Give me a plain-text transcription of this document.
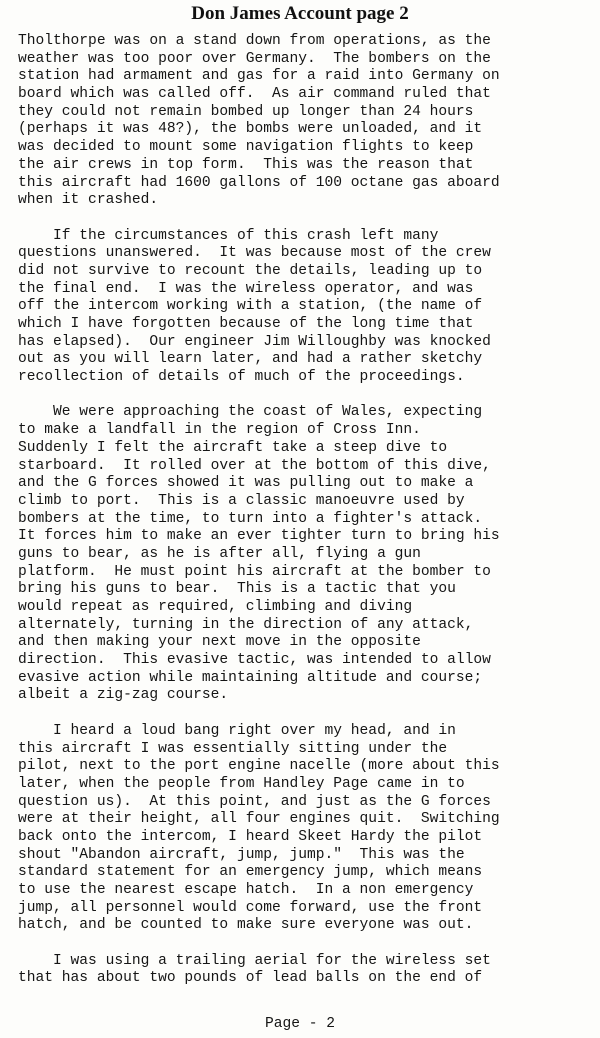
Don James Account page 2
Tholthorpe was on a stand down from operations, as the
weather was too poor over Germany.  The bombers on the
station had armament and gas for a raid into Germany on
board which was called off.  As air command ruled that
they could not remain bombed up longer than 24 hours
(perhaps it was 48?), the bombs were unloaded, and it
was decided to mount some navigation flights to keep
the air crews in top form.  This was the reason that
this aircraft had 1600 gallons of 100 octane gas aboard
when it crashed.
If the circumstances of this crash left many
questions unanswered.  It was because most of the crew
did not survive to recount the details, leading up to
the final end.  I was the wireless operator, and was
off the intercom working with a station, (the name of
which I have forgotten because of the long time that
has elapsed).  Our engineer Jim Willoughby was knocked
out as you will learn later, and had a rather sketchy
recollection of details of much of the proceedings.
We were approaching the coast of Wales, expecting
to make a landfall in the region of Cross Inn.
Suddenly I felt the aircraft take a steep dive to
starboard.  It rolled over at the bottom of this dive,
and the G forces showed it was pulling out to make a
climb to port.  This is a classic manoeuvre used by
bombers at the time, to turn into a fighter's attack.
It forces him to make an ever tighter turn to bring his
guns to bear, as he is after all, flying a gun
platform.  He must point his aircraft at the bomber to
bring his guns to bear.  This is a tactic that you
would repeat as required, climbing and diving
alternately, turning in the direction of any attack,
and then making your next move in the opposite
direction.  This evasive tactic, was intended to allow
evasive action while maintaining altitude and course;
albeit a zig-zag course.
I heard a loud bang right over my head, and in
this aircraft I was essentially sitting under the
pilot, next to the port engine nacelle (more about this
later, when the people from Handley Page came in to
question us).  At this point, and just as the G forces
were at their height, all four engines quit.  Switching
back onto the intercom, I heard Skeet Hardy the pilot
shout "Abandon aircraft, jump, jump."  This was the
standard statement for an emergency jump, which means
to use the nearest escape hatch.  In a non emergency
jump, all personnel would come forward, use the front
hatch, and be counted to make sure everyone was out.
I was using a trailing aerial for the wireless set
that has about two pounds of lead balls on the end of
Page - 2
